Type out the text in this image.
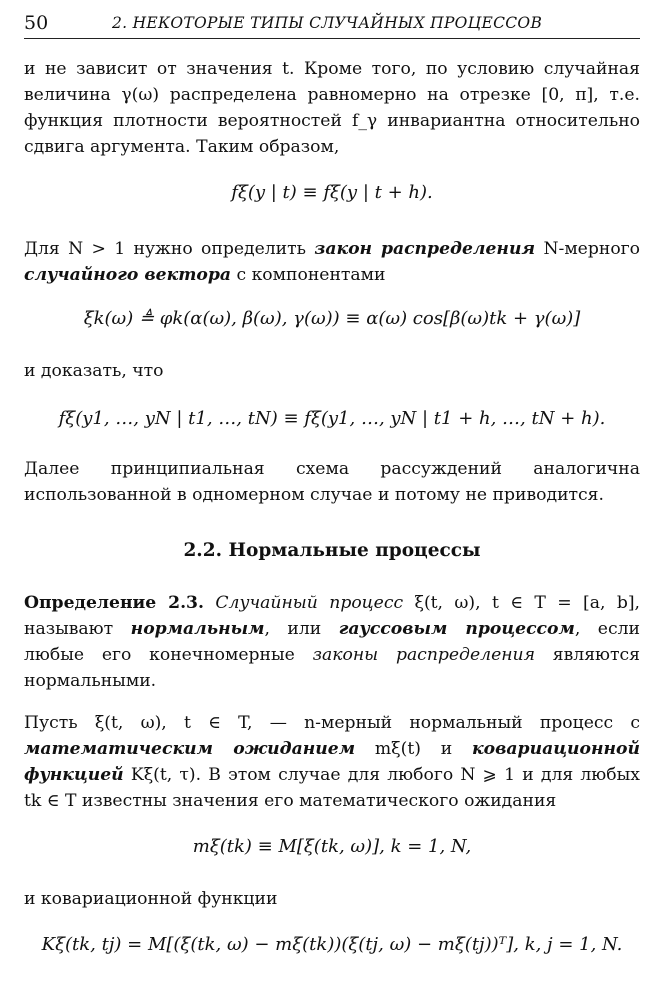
50	2. НЕКОТОРЫЕ ТИПЫ СЛУЧАЙНЫХ ПРОЦЕССОВ
и не зависит от значения t. Кроме того, по условию случайная величина γ(ω) распределена равномерно на отрезке [0, π], т.е. функция плотности вероятностей f_γ инвариантна относительно сдвига аргумента. Таким образом,
fξ(y | t) ≡ fξ(y | t + h).
Для N > 1 нужно определить закон распределения N-мерного случайного вектора с компонентами
ξk(ω) ≜ φk(α(ω), β(ω), γ(ω)) ≡ α(ω) cos[β(ω)tk + γ(ω)]
и доказать, что
fξ(y1, …, yN | t1, …, tN) ≡ fξ(y1, …, yN | t1 + h, …, tN + h).
Далее принципиальная схема рассуждений аналогична использованной в одномерном случае и потому не приводится.
2.2. Нормальные процессы
Определение 2.3. Случайный процесс ξ(t, ω), t ∈ T = [a, b], называют нормальным, или гауссовым процессом, если любые его конечномерные законы распределения являются нормальными.
Пусть ξ(t, ω), t ∈ T, — n-мерный нормальный процесс с математическим ожиданием mξ(t) и ковариационной функцией Kξ(t, τ). В этом случае для любого N ⩾ 1 и для любых tk ∈ T известны значения его математического ожидания
mξ(tk) ≡ M[ξ(tk, ω)], k = 1, N,
и ковариационной функции
Kξ(tk, tj) = M[(ξ(tk, ω) − mξ(tk))(ξ(tj, ω) − mξ(tj))ᵀ], k, j = 1, N.
